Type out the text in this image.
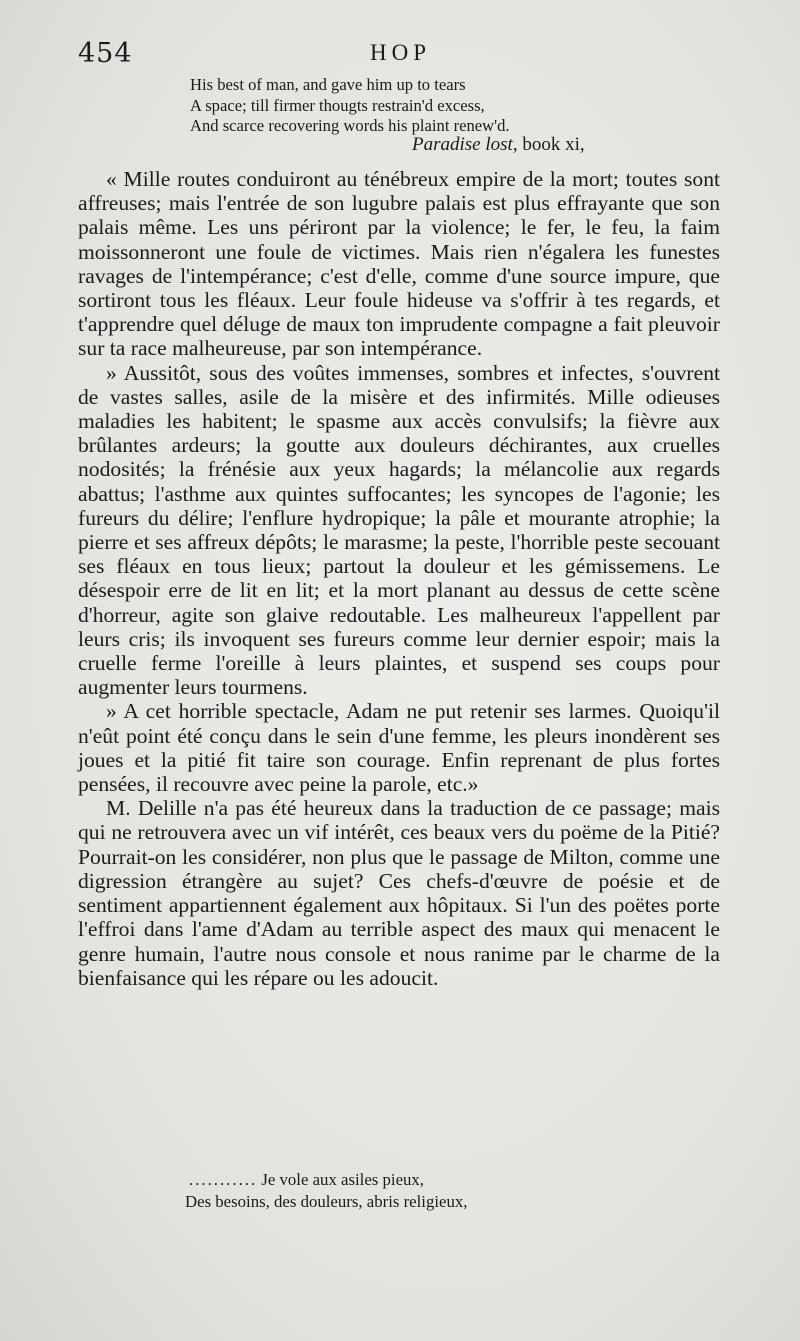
454	HOP
His best of man, and gave him up to tears
A space; till firmer thougts restrain'd excess,
And scarce recovering words his plaint renew'd.
Paradise lost, book xi,

« Mille routes conduiront au ténébreux empire de la mort; toutes sont affreuses; mais l'entrée de son lugubre palais est plus effrayante que son palais même. Les uns périront par la violence; le fer, le feu, la faim moissonneront une foule de victimes. Mais rien n'égalera les funestes ravages de l'intempérance; c'est d'elle, comme d'une source impure, que sortiront tous les fléaux. Leur foule hideuse va s'offrir à tes regards, et t'apprendre quel déluge de maux ton imprudente compagne a fait pleuvoir sur ta race malheureuse, par son intempérance.

» Aussitôt, sous des voûtes immenses, sombres et infectes, s'ouvrent de vastes salles, asile de la misère et des infirmités. Mille odieuses maladies les habitent; le spasme aux accès convulsifs; la fièvre aux brûlantes ardeurs; la goutte aux douleurs déchirantes, aux cruelles nodosités; la frénésie aux yeux hagards; la mélancolie aux regards abattus; l'asthme aux quintes suffocantes; les syncopes de l'agonie; les fureurs du délire; l'enflure hydropique; la pâle et mourante atrophie; la pierre et ses affreux dépôts; le marasme; la peste, l'horrible peste secouant ses fléaux en tous lieux; partout la douleur et les gémissemens. Le désespoir erre de lit en lit; et la mort planant au dessus de cette scène d'horreur, agite son glaive redoutable. Les malheureux l'appellent par leurs cris; ils invoquent ses fureurs comme leur dernier espoir; mais la cruelle ferme l'oreille à leurs plaintes, et suspend ses coups pour augmenter leurs tourmens.

» A cet horrible spectacle, Adam ne put retenir ses larmes. Quoiqu'il n'eût point été conçu dans le sein d'une femme, les pleurs inondèrent ses joues et la pitié fit taire son courage. Enfin reprenant de plus fortes pensées, il recouvre avec peine la parole, etc.»

M. Delille n'a pas été heureux dans la traduction de ce passage; mais qui ne retrouvera avec un vif intérêt, ces beaux vers du poëme de la Pitié? Pourrait-on les considérer, non plus que le passage de Milton, comme une digression étrangère au sujet? Ces chefs-d'œuvre de poésie et de sentiment appartiennent également aux hôpitaux. Si l'un des poëtes porte l'effroi dans l'ame d'Adam au terrible aspect des maux qui menacent le genre humain, l'autre nous console et nous ranime par le charme de la bienfaisance qui les répare ou les adoucit.

........... Je vole aux asiles pieux,
Des besoins, des douleurs, abris religieux,
